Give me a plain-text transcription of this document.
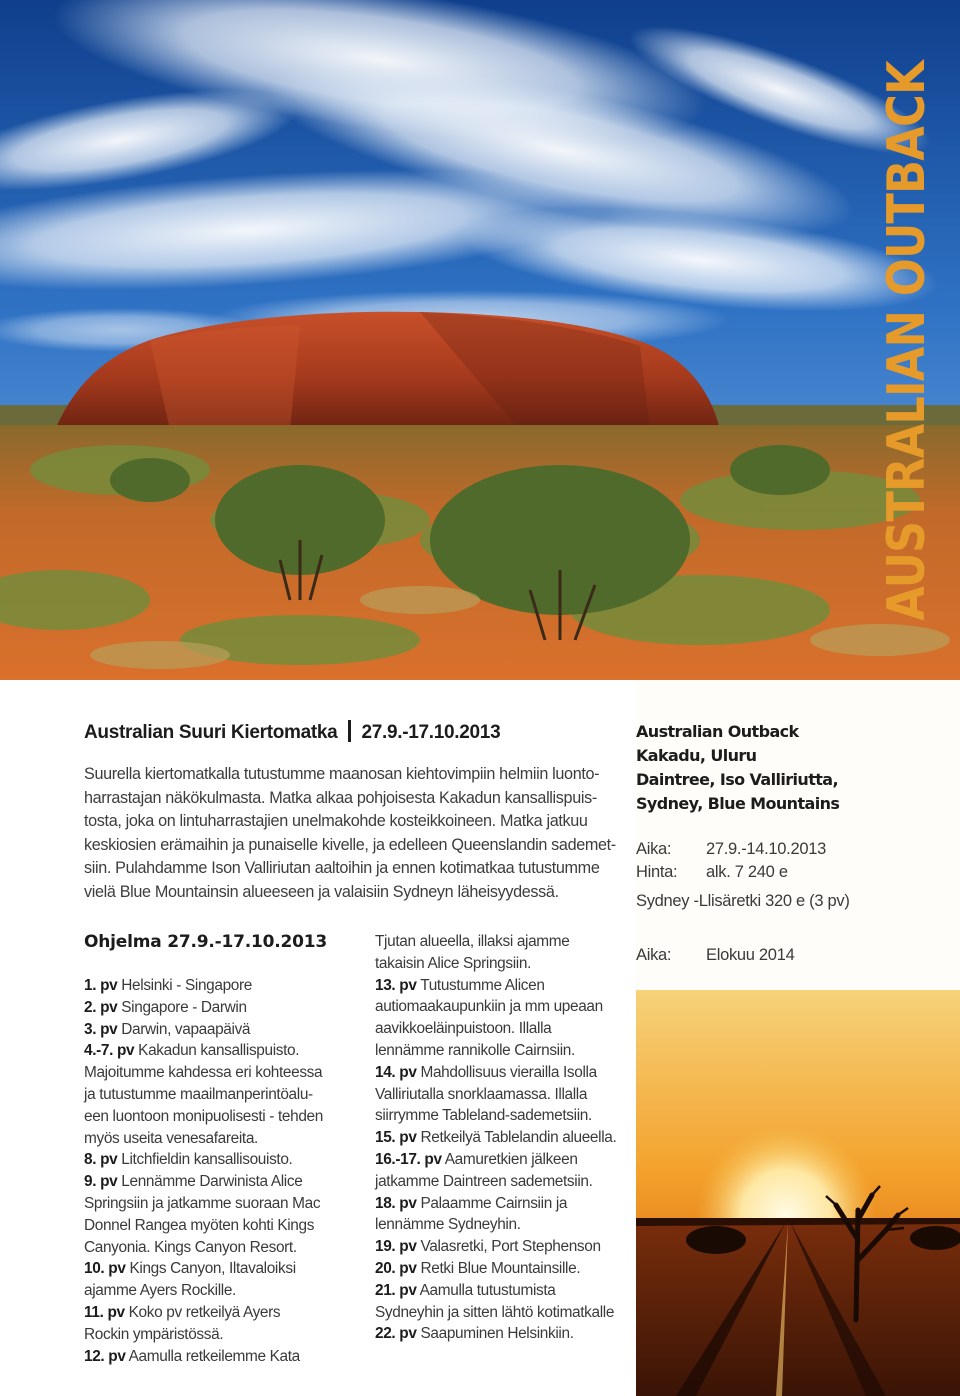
AUSTRALIAN OUTBACK
Australian Suuri Kiertomatka 27.9.-17.10.2013
Suurella kiertomatkalla tutustumme maanosan kiehtovimpiin helmiin luonto-
harrastajan näkökulmasta. Matka alkaa pohjoisesta Kakadun kansallispuis-
tosta, joka on lintuharrastajien unelmakohde kosteikkoineen. Matka jatkuu
keskiosien erämaihin ja punaiselle kivelle, ja edelleen Queenslandin sademet-
siin. Pulahdamme Ison Valliriutan aaltoihin ja ennen kotimatkaa tutustumme
vielä Blue Mountainsin alueeseen ja valaisiin Sydneyn läheisyydessä.
Ohjelma 27.9.-17.10.2013
1. pv Helsinki - Singapore
2. pv Singapore - Darwin
3. pv Darwin, vapaapäivä
4.-7. pv Kakadun kansallispuisto.
Majoitumme kahdessa eri kohteessa
ja tutustumme maailmanperintöalu-
een luontoon monipuolisesti - tehden
myös useita venesafareita.
8. pv Litchfieldin kansallisouisto.
9. pv Lennämme Darwinista Alice
Springsiin ja jatkamme suoraan Mac
Donnel Rangea myöten kohti Kings
Canyonia. Kings Canyon Resort.
10. pv Kings Canyon, Iltavaloiksi
ajamme Ayers Rockille.
11. pv Koko pv retkeilyä Ayers
Rockin ympäristössä.
12. pv Aamulla retkeilemme Kata
Tjutan alueella, illaksi ajamme
takaisin Alice Springsiin.
13. pv Tutustumme Alicen
autiomaakaupunkiin ja mm upeaan
aavikkoeläinpuistoon. Illalla
lennämme rannikolle Cairnsiin.
14. pv Mahdollisuus vierailla Isolla
Valliriutalla snorklaamassa. Illalla
siirrymme Tableland-sademetsiin.
15. pv Retkeilyä Tablelandin alueella.
16.-17. pv Aamuretkien jälkeen
jatkamme Daintreen sademetsiin.
18. pv Palaamme Cairnsiin ja
lennämme Sydneyhin.
19. pv Valasretki, Port Stephenson
20. pv Retki Blue Mountainsille.
21. pv Aamulla tutustumista
Sydneyhin ja sitten lähtö kotimatkalle
22. pv Saapuminen Helsinkiin.
Australian Outback
Kakadu, Uluru
Daintree, Iso Valliriutta,
Sydney, Blue Mountains
Aika: 27.9.-14.10.2013
Hinta: alk. 7 240 e
Sydney -Llisäretki 320 e (3 pv)
Aika: Elokuu 2014
